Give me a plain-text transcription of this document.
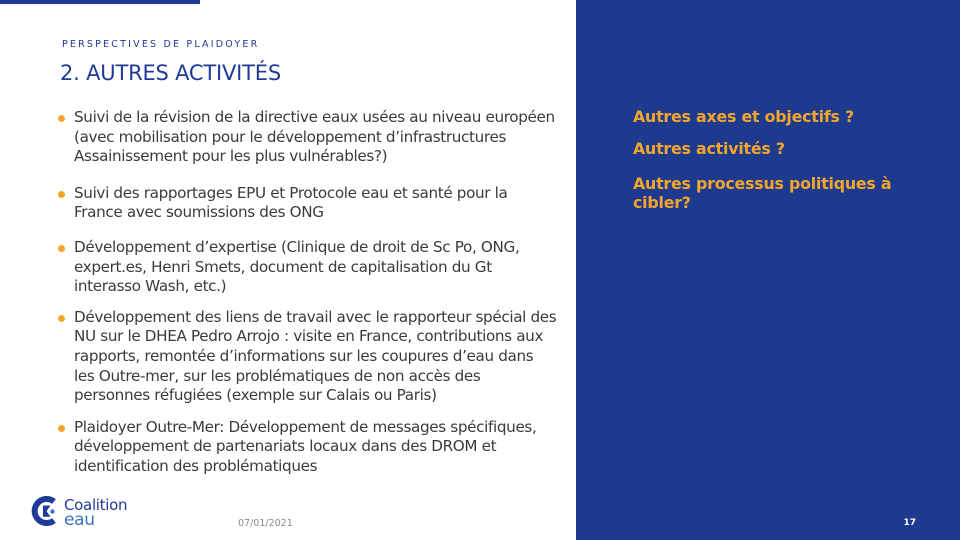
PERSPECTIVES DE PLAIDOYER
2. AUTRES ACTIVITÉS
Suivi de la révision de la directive eaux usées au niveau européen (avec mobilisation pour le développement d’infrastructures Assainissement pour les plus vulnérables?)
Suivi des rapportages EPU et Protocole eau et santé pour la France avec soumissions des ONG
Développement d’expertise (Clinique de droit de Sc Po, ONG, expert.es, Henri Smets, document de capitalisation du Gt interasso Wash, etc.)
Développement des liens de travail avec le rapporteur spécial des NU sur le DHEA Pedro Arrojo : visite en France, contributions aux rapports, remontée d’informations sur les coupures d’eau dans les Outre-mer, sur les problématiques de non accès des personnes réfugiées (exemple sur Calais ou Paris)
Plaidoyer Outre-Mer: Développement de messages spécifiques, développement de partenariats locaux dans des DROM et identification des problématiques
Autres axes et objectifs ?
Autres activités ?
Autres processus politiques à cibler?
17
Coalition
eau	07/01/2021
